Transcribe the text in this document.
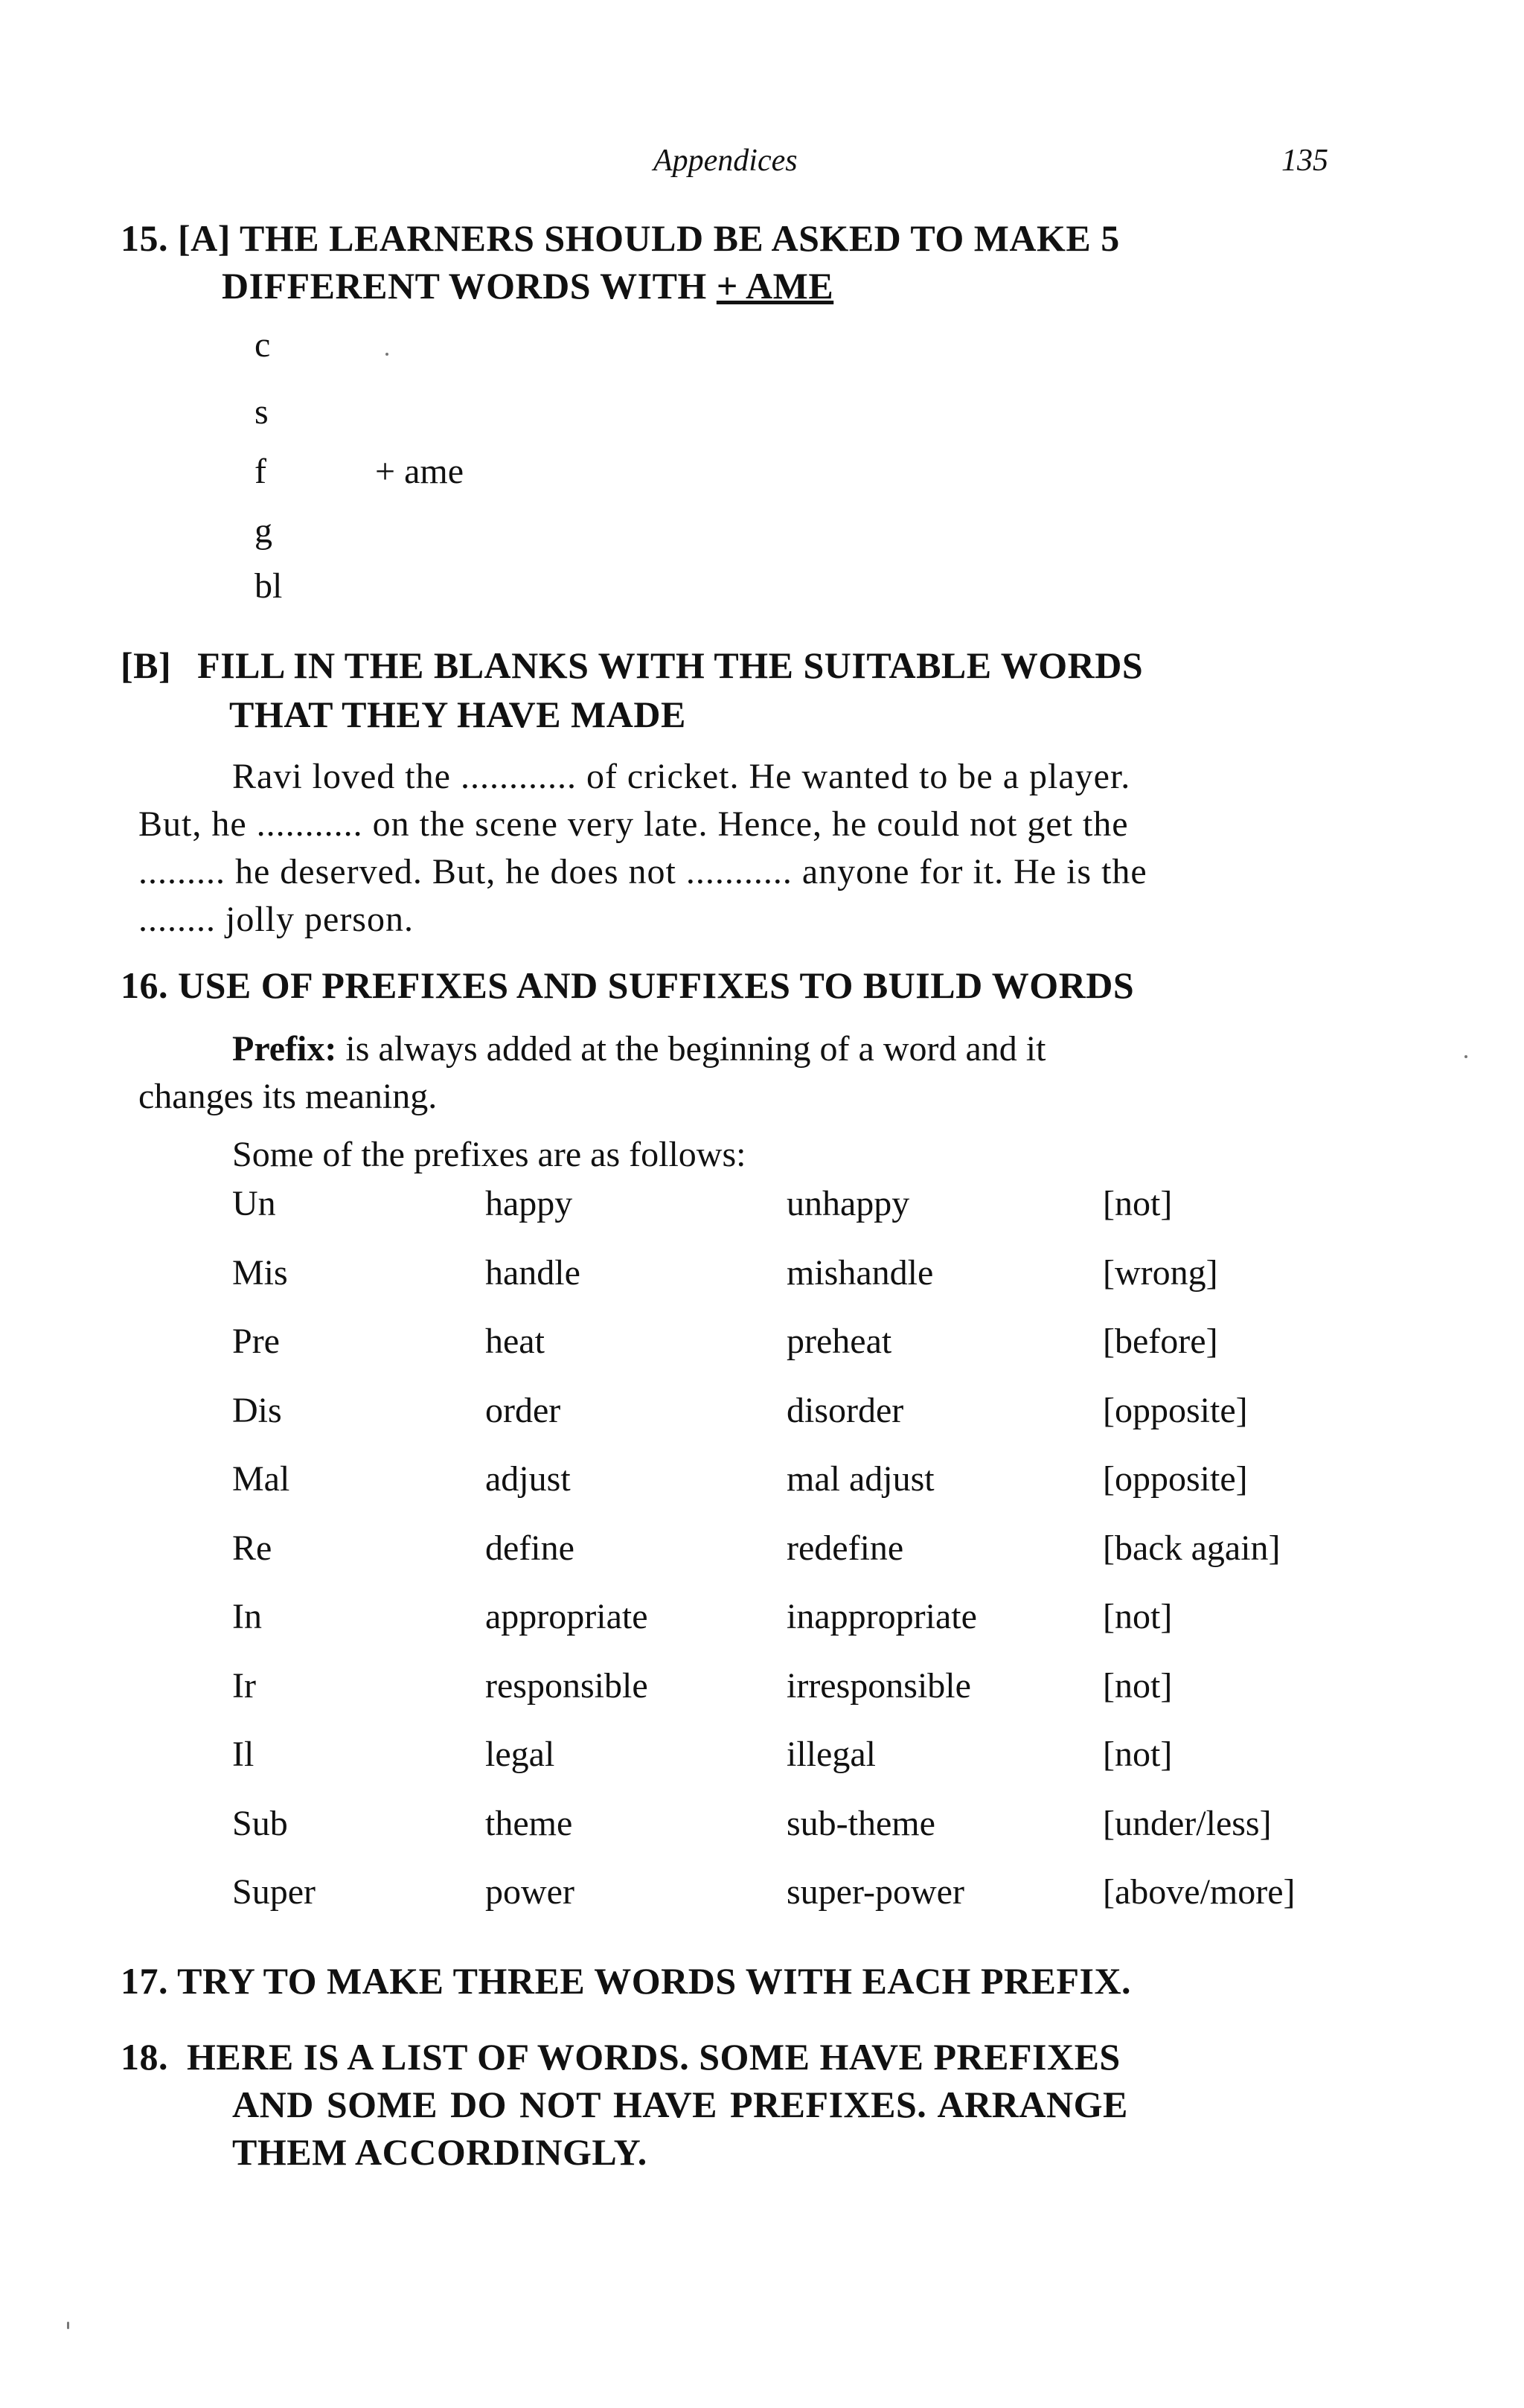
Appendices	135
15. [A] THE LEARNERS SHOULD BE ASKED TO MAKE 5
DIFFERENT WORDS WITH + AME
c
s
f	+ ame
g
bl
[B] FILL IN THE BLANKS WITH THE SUITABLE WORDS
THAT THEY HAVE MADE
Ravi loved the ............ of cricket. He wanted to be a player.
But, he ........... on the scene very late. Hence, he could not get the
......... he deserved. But, he does not ........... anyone for it. He is the
........ jolly person.
16. USE OF PREFIXES AND SUFFIXES TO BUILD WORDS
Prefix: is always added at the beginning of a word and it
changes its meaning.
Some of the prefixes are as follows:
Un	happy	unhappy	[not]
Mis	handle	mishandle	[wrong]
Pre	heat	preheat	[before]
Dis	order	disorder	[opposite]
Mal	adjust	mal adjust	[opposite]
Re	define	redefine	[back again]
In	appropriate	inappropriate	[not]
Ir	responsible	irresponsible	[not]
Il	legal	illegal	[not]
Sub	theme	sub-theme	[under/less]
Super	power	super-power	[above/more]
17. TRY TO MAKE THREE WORDS WITH EACH PREFIX.
18. HERE IS A LIST OF WORDS. SOME HAVE PREFIXES
AND SOME DO NOT HAVE PREFIXES. ARRANGE
THEM ACCORDINGLY.
